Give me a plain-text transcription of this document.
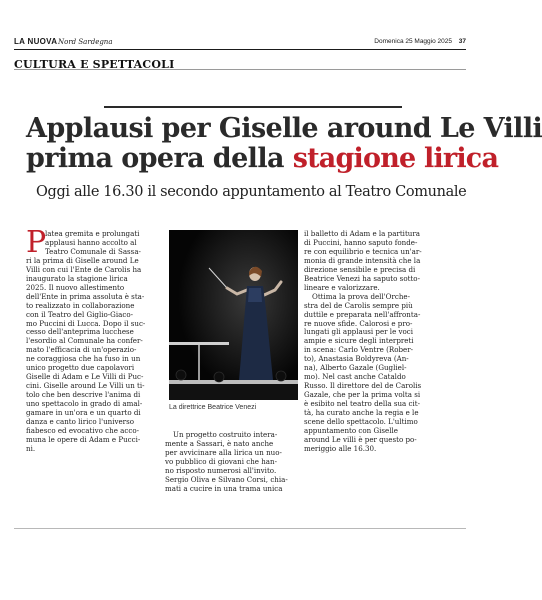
LA NUOVA Nord Sardegna	Domenica 25 Maggio 2025 37
CULTURA E SPETTACOLI
Applausi per Giselle around Le Villi
prima opera della stagione lirica
Oggi alle 16.30 il secondo appuntamento al Teatro Comunale
P
latea gremita e prolungati
applausi hanno accolto al
Teatro Comunale di Sassa-
ri la prima di Giselle around Le
Villi con cui l'Ente de Carolis ha
inaugurato la stagione lirica
2025. Il nuovo allestimento
dell'Ente in prima assoluta è sta-
to realizzato in collaborazione
con il Teatro del Giglio-Giaco-
mo Puccini di Lucca. Dopo il suc-
cesso dell'anteprima lucchese
l'esordio al Comunale ha confer-
mato l'efficacia di un'operazio-
ne coraggiosa che ha fuso in un
unico progetto due capolavori
Giselle di Adam e Le Villi di Puc-
cini. Giselle around Le Villi un ti-
tolo che ben descrive l'anima di
uno spettacolo in grado di amal-
gamare in un'ora e un quarto di
danza e canto lirico l'universo
fiabesco ed evocativo che acco-
muna le opere di Adam e Pucci-
ni.
La direttrice Beatrice Venezi
Un progetto costruito intera-
mente a Sassari, è nato anche
per avvicinare alla lirica un nuo-
vo pubblico di giovani che han-
no risposto numerosi all'invito.
Sergio Oliva e Silvano Corsi, chia-
mati a cucire in una trama unica
il balletto di Adam e la partitura
di Puccini, hanno saputo fonde-
re con equilibrio e tecnica un'ar-
monia di grande intensità che la
direzione sensibile e precisa di
Beatrice Venezi ha saputo sotto-
lineare e valorizzare.
Ottima la prova dell'Orche-
stra del de Carolis sempre più
duttile e preparata nell'affronta-
re nuove sfide. Calorosi e pro-
lungati gli applausi per le voci
ampie e sicure degli interpreti
in scena: Carlo Ventre (Rober-
to), Anastasia Boldyreva (An-
na), Alberto Gazale (Gugliel-
mo). Nel cast anche Cataldo
Russo. Il direttore del de Carolis
Gazale, che per la prima volta si
è esibito nel teatro della sua cit-
tà, ha curato anche la regia e le
scene dello spettacolo. L'ultimo
appuntamento con Giselle
around Le villi è per questo po-
meriggio alle 16.30.
